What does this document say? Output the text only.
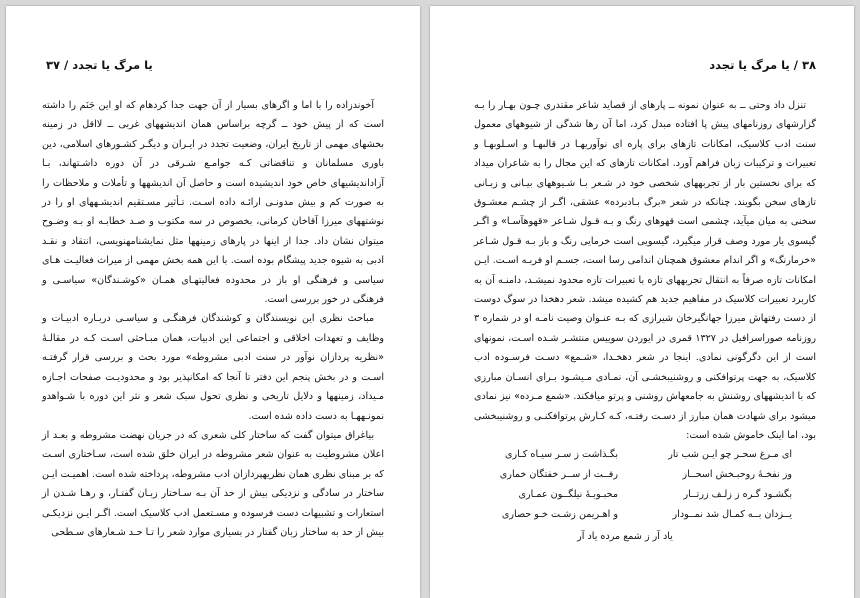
یا مرگ یا تجدد / ۳۷

آخوندزاده را با اما و اگرهای بسیار از آن جهت جدا کردهام که او این جَنَم را داشته است که از پیش خود ــ گرچه براساس همان اندیشههای غربی ــ لااقل در زمینه بخشهای مهمی از تاریخ ایران، وضعیت تجدد در ایـران و دیگـر کشـورهای اسلامی، دین باوری مسلمانان و تناقضاتی کـه جوامـع شـرقی در آن دوره داشـتهاند، بـا آزاداندیشیهای خاص خود اندیشیده است و حاصل آن اندیشهها و تأملات و ملاحظات را به صورت کم و بیش مدونـی ارائـه داده اسـت. تـأثیر مسـتقیم اندیشـههای او را در نوشتههای میرزا آقاخان کرمانی، بخصوص در سه مکتوب و صـد خطابـه او بـه وضـوح میتوان نشان داد. جدا از اینها در پارهای زمینهها مثل نمایشنامهنویسی، انتقاد و نقـد ادبی به شیوه جدید پیشگام بوده است. با این همه بخش مهمی از میراث فعالیـت هـای سیاسی و فرهنگی او باز در محدوده فعالیتهـای همـان «کوشـندگان» سیاسـی و فرهنگی در خور بررسی است.

مباحث نظری این نویسندگان و کوشندگان فرهنگـی و سیاسـی دربـاره ادبیـات و وظایف و تعهدات اخلاقی و اجتماعی این ادبیات، همان مبـاحثی اسـت کـه در مقالـهٔ «نظریه پردازان نوآور در سنت ادبی مشروطه» مورد بحث و بررسی قرار گرفتـه اسـت و در بخش پنجم این دفتر تا آنجا که امکانپذیر بود و محدودیـت صفحات اجـازه مـیداد، زمینهها و دلایل تاریخی و نظری تحول سبک شعر و نثر این دوره با شـواهدو نمونـههـا به دست داده شده است.

بیاغراق میتوان گفت که ساختار کلی شعری که در جریان نهضت مشروطه و بعـد از اعلان مشروطیت به عنوان شعر مشروطه در ایران خلق شده است، سـاختاری اسـت که بر مبنای نظری همان نظریهپردازان ادب مشروطه، پرداخته شده است. اهمیـت ایـن ساختار در سادگی و نزدیکی بیش از حد آن بـه سـاختار زبـان گفتـار، و رهـا شـدن از استعارات و تشبیهات دست فرسوده و مسـتعمل ادب کلاسیک است. اگـر ایـن نزدیکـی بیش از حد به ساختار زبان گفتار در بسیاری موارد شعر را تـا حـد شـعارهای سـطحی

۳۸ / یا مرگ یا تجدد

تنزل داد وحتی ــ به عنوان نمونه ــ پارهای از قصاید شاعر مقتدری چـون بهـار را بـه گزارشهای روزنامهای پیش پا افتاده مبدل کرد، اما آن رها شدگی از شیوههای معمول سنت ادب کلاسیک، امکانات تازهای برای پاره ای نوآوریهـا در قالبهـا و اسـلوبهـا و تعبیرات و ترکیبات زبان فراهم آورد. امکانات تازهای که این مجال را به شاعران میداد که برای نخستین بار از تجربههای شخصی خود در شـعر بـا شـیوههای بیـانی و زبـانی تازهای سخن بگویند. چنانکه در شعر «برگ بـادبرده» عشقی، اگـر از چشـم معشـوق سخنی به میان میآید، چشمی است قهوهای رنگ و بـه قـول شـاعر «قهوهآسـا» و اگـر گیسوی یار مورد وصف قرار میگیرد، گیسویی است خرمایی رنگ و باز بـه قـول شـاعر «خرمارنگ» و اگر اندام معشوق همچنان اندامی رسا است، جسـم او فربـه اسـت. ایـن امکانات تازه صرفاً به انتقال تجربههای تازه با تعبیرات تازه محدود نمیشـد، دامنـه آن به کاربرد تعبیرات کلاسیک در مفاهیم جدید هم کشیده میشد. شعر دهخدا در سوگ دوست از دست رفتهاش میرزا جهانگیرخان شیرازی که بـه عنـوان وصیت نامـه او در شماره ۳ روزنامه صوراسرافیل در ۱۳۲۷ قمری در ایوردن سوییس منتشـر شـده اسـت، نمونهای است از این دگرگونی نمادی. اینجا در شعر دهخـدا، «شـمع» دسـت فرسـوده ادب کلاسیک، به جهت پرتوافکنی و روشنیبخشـی آن، نمـادی مـیشـود بـرای انسـان مبارزی که با اندیشههای روشنش به جامعهاش روشنی و پرتو میافکند. «شمع مـرده» نیز نمادی میشود برای شهادت همان مبارز از دسـت رفتـه، کـه کـارش پرتوافکنـی و روشنیبخشی بود، اما اینک خاموش شده است:

ای مـرغ سحـر چو ایـن شب تار
بگـذاشت ز سـر سیـاه کـاری
وز نفخـهٔ روحبـخش اسحــار
رفــت از ســر خفتگان خماری
بگشـود گـره ز زلـف زرتــار
محبـوبـهٔ نیلگــون عمـاری
یــزدان بــه کمـال شد نمــودار
و اهـریمن زشـت خـو حصاری
یاد آر ز شمع مرده یاد آر
